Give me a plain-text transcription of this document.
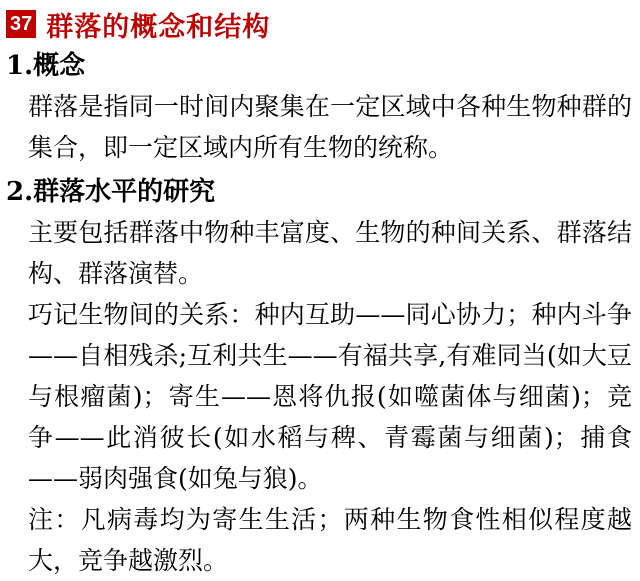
37 群落的概念和结构
1.概念

群落是指同一时间内聚集在一定区域中各种生物种群的集合，即一定区域内所有生物的统称。

2.群落水平的研究

主要包括群落中物种丰富度、生物的种间关系、群落结构、群落演替。

巧记生物间的关系：种内互助——同心协力；种内斗争——自相残杀;互利共生——有福共享,有难同当(如大豆与根瘤菌)；寄生——恩将仇报(如噬菌体与细菌)；竞争——此消彼长(如水稻与稗、青霉菌与细菌)；捕食——弱肉强食(如兔与狼)。

注：凡病毒均为寄生生活；两种生物食性相似程度越大，竞争越激烈。
